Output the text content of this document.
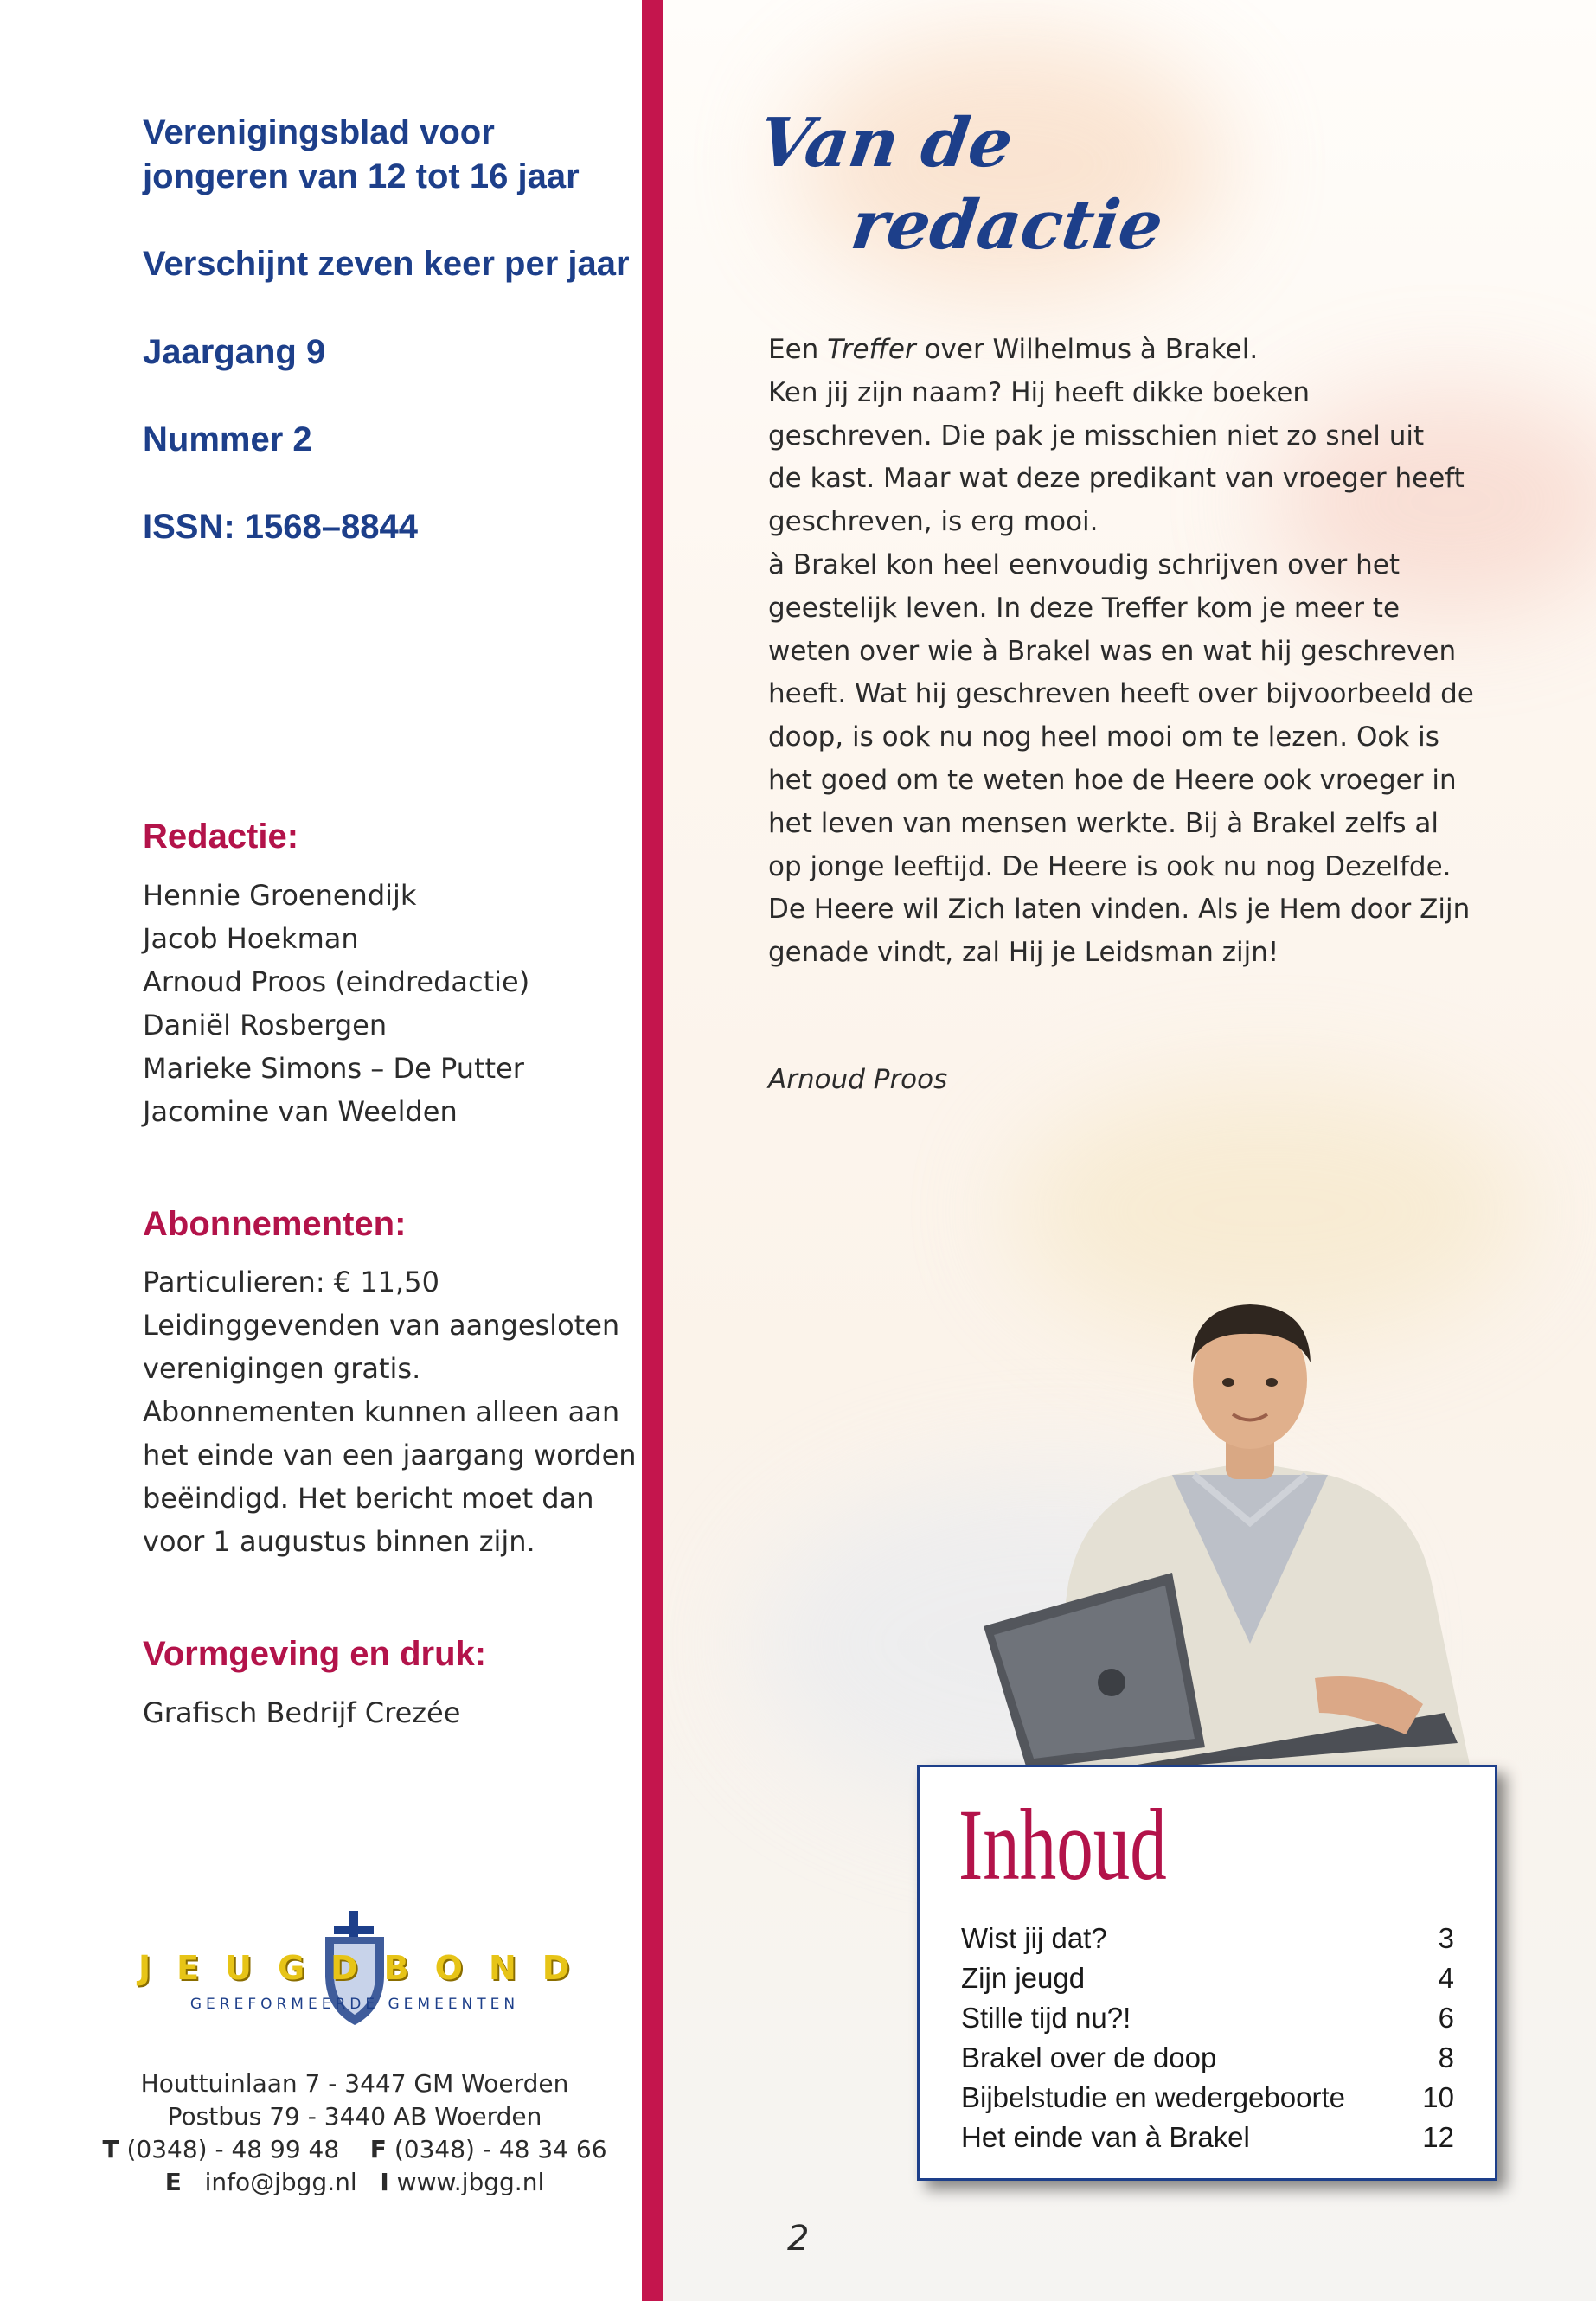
Verenigingsblad voor
jongeren van 12 tot 16 jaar
Verschijnt zeven keer per jaar
Jaargang 9
Nummer 2
ISSN: 1568–8844
Redactie:
Hennie Groenendijk
Jacob Hoekman
Arnoud Proos (eindredactie)
Daniël Rosbergen
Marieke Simons – De Putter
Jacomine van Weelden
Abonnementen:
Particulieren: € 11,50
Leidinggevenden van aangesloten
verenigingen gratis.
Abonnementen kunnen alleen aan
het einde van een jaargang worden
beëindigd. Het bericht moet dan
voor 1 augustus binnen zijn.
Vormgeving en druk:
Grafisch Bedrijf Crezée
JEUGDBOND
GEREFORMEERDE GEMEENTEN
Houttuinlaan 7 - 3447 GM Woerden
Postbus 79 - 3440 AB Woerden
T (0348) - 48 99 48 F (0348) - 48 34 66
E info@jbgg.nl I www.jbgg.nl
Van de
redactie
Een Treffer over Wilhelmus à Brakel.
Ken jij zijn naam? Hij heeft dikke boeken
geschreven. Die pak je misschien niet zo snel uit
de kast. Maar wat deze predikant van vroeger heeft
geschreven, is erg mooi.
à Brakel kon heel eenvoudig schrijven over het
geestelijk leven. In deze Treffer kom je meer te
weten over wie à Brakel was en wat hij geschreven
heeft. Wat hij geschreven heeft over bijvoorbeeld de
doop, is ook nu nog heel mooi om te lezen. Ook is
het goed om te weten hoe de Heere ook vroeger in
het leven van mensen werkte. Bij à Brakel zelfs al
op jonge leeftijd. De Heere is ook nu nog Dezelfde.
De Heere wil Zich laten vinden. Als je Hem door Zijn
genade vindt, zal Hij je Leidsman zijn!
Arnoud Proos
Inhoud
Wist jij dat?	3
Zijn jeugd	4
Stille tijd nu?!	6
Brakel over de doop	8
Bijbelstudie en wedergeboorte	10
Het einde van à Brakel	12
2
